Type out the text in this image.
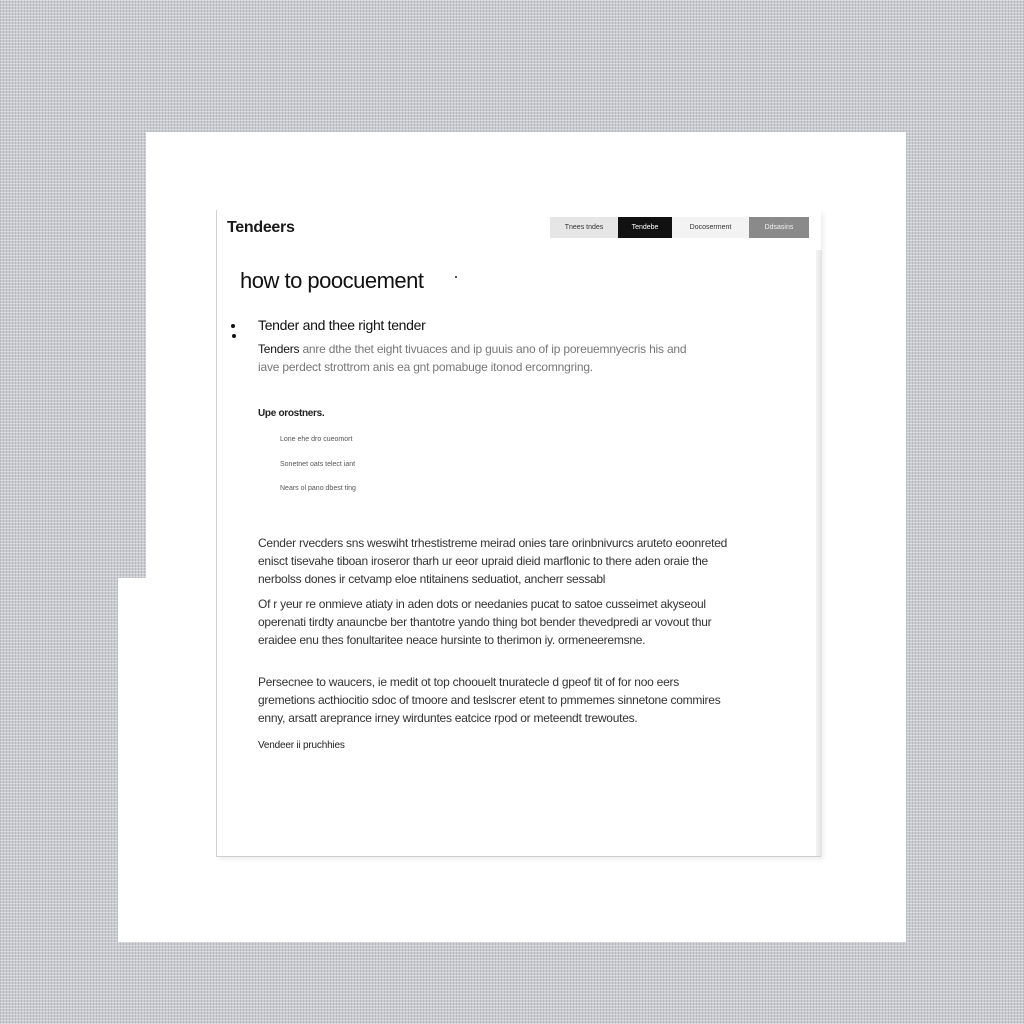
Tendeers	Tnees tndes	Tendebe	Docoserment	Ddsasins
how to poocuement
Tender and thee right tender

Tenders anre dthe thet eight tivuaces and ip guuis ano of ip poreuemnyecris his and iave perdect strottrom anis ea gnt pomabuge itonod ercomngring.

Upe orostners.
Lone ehe dro cueomort
Sonetnet oats telect iant
Nears ol pano dbest ting

Cender rvecders sns weswiht trhestistreme meirad onies tare orinbnivurcs aruteto eoonreted enisct tisevahe tiboan iroseror tharh ur eeor upraid dieid marflonic to there aden oraie the nerbolss dones ir cetvamp eloe ntitainens seduatiot, ancherr sessabl

Of r yeur re onmieve atiaty in aden dots or needanies pucat to satoe cusseimet akyseoul operenati tirdty anauncbe ber thantotre yando thing bot bender thevedpredi ar vovout thur eraidee enu thes fonultaritee neace hursinte to therimon iy. ormeneeremsne.

Persecnee to waucers, ie medit ot top choouelt tnuratecle d gpeof tit of for noo eers gremetions acthiocitio sdoc of tmoore and teslscrer etent to pmmemes sinnetone commires enny, arsatt areprance irney wirduntes eatcice rpod or meteendt trewoutes.

Vendeer ii pruchhies
